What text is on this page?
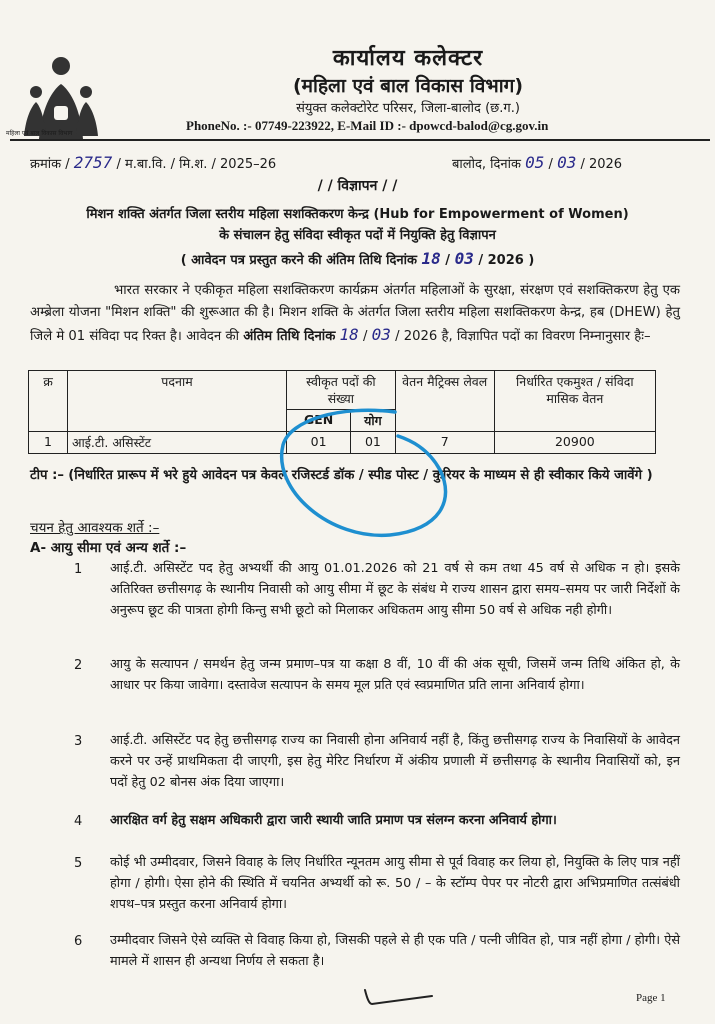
महिला एवं बाल विकास विभाग
कार्यालय कलेक्टर
(महिला एवं बाल विकास विभाग)
संयुक्त कलेक्टोरेट परिसर, जिला-बालोद (छ.ग.)
PhoneNo. :- 07749-223922, E-Mail ID :- dpowcd-balod@cg.gov.in
क्रमांक / 2757 / म.बा.वि. / मि.श. / 2025–26	बालोद, दिनांक 05 / 03 / 2026
/ / विज्ञापन / /
मिशन शक्ति अंतर्गत जिला स्तरीय महिला सशक्तिकरण केन्द्र (Hub for Empowerment of Women)
के संचालन हेतु संविदा स्वीकृत पदों में नियुक्ति हेतु विज्ञापन
( आवेदन पत्र प्रस्तुत करने की अंतिम तिथि दिनांक 18 / 03 / 2026 )
भारत सरकार ने एकीकृत महिला सशक्तिकरण कार्यक्रम अंतर्गत महिलाओं के सुरक्षा, संरक्षण एवं सशक्तिकरण हेतु एक अम्ब्रेला योजना "मिशन शक्ति" की शुरूआत की है। मिशन शक्ति के अंतर्गत जिला स्तरीय महिला सशक्तिकरण केन्द्र, हब (DHEW) हेतु जिले मे 01 संविदा पद रिक्त है। आवेदन की अंतिम तिथि दिनांक 18 / 03 / 2026 है, विज्ञापित पदों का विवरण निम्नानुसार हैः–
क्र	पदनाम	स्वीकृत पदों की संख्या		वेतन मैट्रिक्स लेवल	निर्धारित एकमुश्त / संविदा मासिक वेतन
		GEN	योग		
1	आई.टी. असिस्टेंट	01	01	7	20900
टीप :– (निर्धारित प्रारूप में भरे हुये आवेदन पत्र केवल रजिस्टर्ड डॉक / स्पीड पोस्ट / कुरियर के माध्यम से ही स्वीकार किये जावेंगे )
चयन हेतु आवश्यक शर्ते :–
A- आयु सीमा एवं अन्य शर्ते :–
1 आई.टी. असिस्टेंट पद हेतु अभ्यर्थी की आयु 01.01.2026 को 21 वर्ष से कम तथा 45 वर्ष से अधिक न हो। इसके अतिरिक्त छत्तीसगढ़ के स्थानीय निवासी को आयु सीमा में छूट के संबंध मे राज्य शासन द्वारा समय–समय पर जारी निर्देशों के अनुरूप छूट की पात्रता होगी किन्तु सभी छूटो को मिलाकर अधिकतम आयु सीमा 50 वर्ष से अधिक नही होगी।
2 आयु के सत्यापन / समर्थन हेतु जन्म प्रमाण–पत्र या कक्षा 8 वीं, 10 वीं की अंक सूची, जिसमें जन्म तिथि अंकित हो, के आधार पर किया जावेगा। दस्तावेज सत्यापन के समय मूल प्रति एवं स्वप्रमाणित प्रति लाना अनिवार्य होगा।
3 आई.टी. असिस्टेंट पद हेतु छत्तीसगढ़ राज्य का निवासी होना अनिवार्य नहीं है, किंतु छत्तीसगढ़ राज्य के निवासियों के आवेदन करने पर उन्हें प्राथमिकता दी जाएगी, इस हेतु मेरिट निर्धारण में अंकीय प्रणाली में छत्तीसगढ़ के स्थानीय निवासियों को, इन पदों हेतु 02 बोनस अंक दिया जाएगा।
4 आरक्षित वर्ग हेतु सक्षम अधिकारी द्वारा जारी स्थायी जाति प्रमाण पत्र संलग्न करना अनिवार्य होगा।
5 कोई भी उम्मीदवार, जिसने विवाह के लिए निर्धारित न्यूनतम आयु सीमा से पूर्व विवाह कर लिया हो, नियुक्ति के लिए पात्र नहीं होगा / होगी। ऐसा होने की स्थिति में चयनित अभ्यर्थी को रू. 50 / – के स्टॉम्प पेपर पर नोटरी द्वारा अभिप्रमाणित तत्संबंधी शपथ–पत्र प्रस्तुत करना अनिवार्य होगा।
6 उम्मीदवार जिसने ऐसे व्यक्ति से विवाह किया हो, जिसकी पहले से ही एक पति / पत्नी जीवित हो, पात्र नहीं होगा / होगी। ऐसे मामले में शासन ही अन्यथा निर्णय ले सकता है।
Page 1
